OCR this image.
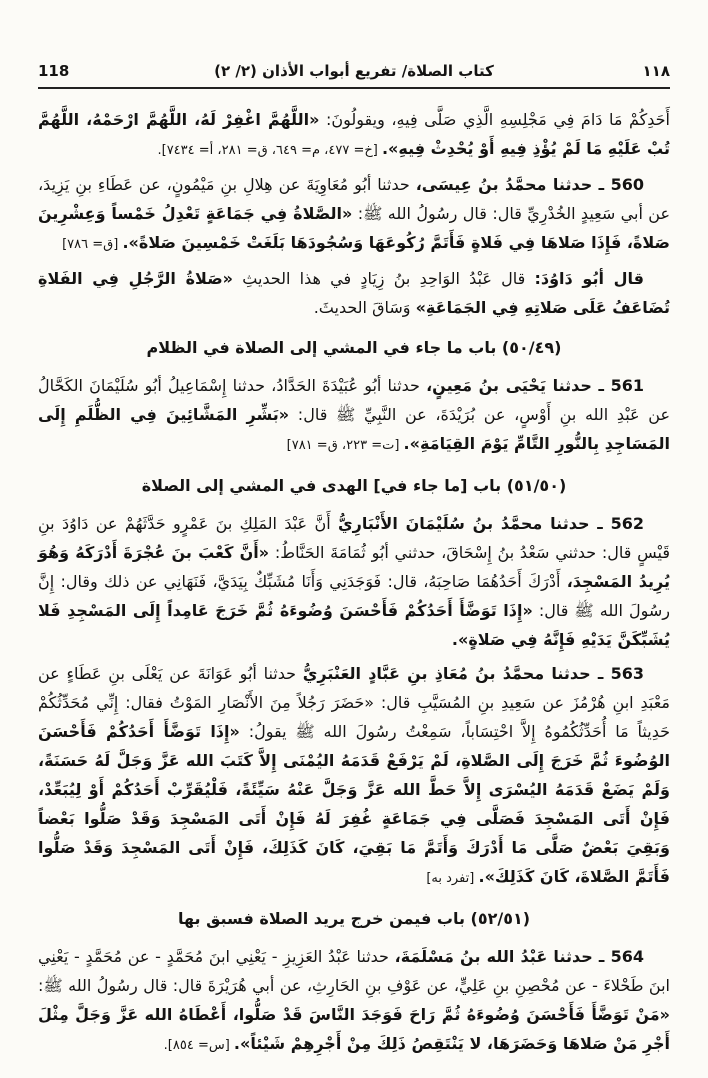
١١٨
كتاب الصلاة/ تفريع أبواب الأذان (٢/ ٢)
118
أَحَدِكُمْ مَا دَامَ فِي مَجْلِسِهِ الَّذِي صَلَّى فِيهِ، ويقولُونَ: «اللَّهُمَّ اغْفِرْ لَهُ، اللَّهُمَّ ارْحَمْهُ، اللَّهُمَّ تُبْ عَلَيْهِ مَا لَمْ يُؤْذِ فِيهِ أَوْ يُحْدِثْ فِيهِ». [خ= ٤٧٧، م= ٦٤٩، ق= ٢٨١، أ= ٧٤٣٤].
560 ـ حدثنا محمَّدُ بنُ عِيسَى، حدثنا أبُو مُعَاوِيَةَ عن هِلالِ بنِ مَيْمُونٍ، عن عَطَاءِ بنِ يَزِيدَ، عن أبي سَعِيدٍ الخُدْرِيِّ قال: قال رسُولُ الله ﷺ: «الصَّلاةُ فِي جَمَاعَةٍ تَعْدِلُ خَمْساً وَعِشْرِينَ صَلاةً، فَإِذَا صَلاهَا فِي فَلاةٍ فَأَتَمَّ رُكُوعَهَا وَسُجُودَهَا بَلَغَتْ خَمْسِينَ صَلاةً». [ق= ٧٨٦]
قال أبُو دَاوُدَ: قال عَبْدُ الوَاحِدِ بنُ زِيَادٍ في هذا الحديثِ «صَلاةُ الرَّجُلِ فِي الفَلاةِ تُضَاعَفُ عَلَى صَلاتِهِ فِي الجَمَاعَةِ» وَسَاقَ الحديثَ.
(٥٠/٤٩) باب ما جاء في المشي إلى الصلاة في الظلام
561 ـ حدثنا يَحْيَى بنُ مَعِينٍ، حدثنا أبُو عُبَيْدَةَ الحَدَّادُ، حدثنا إِسْمَاعِيلُ أبُو سُلَيْمَانَ الكَحَّالُ عن عَبْدِ الله بنِ أَوْسٍ، عن بُرَيْدَةَ، عن النَّبِيِّ ﷺ قال: «بَشِّرِ المَشَّائِينَ فِي الظُّلَمِ إِلَى المَسَاجِدِ بِالنُّورِ التَّامِّ يَوْمَ القِيَامَةِ». [ت= ٢٢٣، ق= ٧٨١]
(٥١/٥٠) باب [ما جاء في] الهدى في المشي إلى الصلاة
562 ـ حدثنا محمَّدُ بنُ سُلَيْمَانَ الأَنْبَارِيُّ أَنَّ عَبْدَ المَلِكِ بنَ عَمْرٍو حَدَّثَهُمْ عن دَاوُدَ بنِ قَيْسٍ قال: حدثني سَعْدُ بنُ إِسْحَاقَ، حدثني أبُو ثُمَامَةَ الحَنَّاطُ: «أَنَّ كَعْبَ بنَ عُجْرَةَ أَدْرَكَهُ وَهُوَ يُرِيدُ المَسْجِدَ، أَدْرَكَ أَحَدُهُمَا صَاحِبَهُ، قال: فَوَجَدَنِي وَأَنَا مُشَبِّكٌ بِيَدَيَّ، فَنَهَانِي عن ذلك وقال: إِنَّ رسُولَ الله ﷺ قال: «إِذَا تَوَضَّأَ أَحَدُكُمْ فَأَحْسَنَ وُضُوءَهُ ثُمَّ خَرَجَ عَامِداً إِلَى المَسْجِدِ فَلا يُشَبِّكَنَّ يَدَيْهِ فَإِنَّهُ فِي صَلاةٍ».
563 ـ حدثنا محمَّدُ بنُ مُعَاذِ بنِ عَبَّادٍ العَنْبَرِيُّ حدثنا أبُو عَوَانَةَ عن يَعْلَى بنِ عَطَاءٍ عن مَعْبَدِ ابنِ هُرْمُزَ عن سَعِيدِ بنِ المُسَيَّبِ قال: «حَضَرَ رَجُلاً مِنَ الأَنْصَارِ المَوْتُ فقال: إِنِّي مُحَدِّثُكُمْ حَدِيثاً مَا أُحَدِّثُكُمُوهُ إِلاَّ احْتِسَاباً، سَمِعْتُ رسُولَ الله ﷺ يقولُ: «إِذَا تَوَضَّأَ أَحَدُكُمْ فَأَحْسَنَ الوُضُوءَ ثُمَّ خَرَجَ إِلَى الصَّلاةِ، لَمْ يَرْفَعْ قَدَمَهُ اليُمْنَى إِلاَّ كَتَبَ الله عَزَّ وَجَلَّ لَهُ حَسَنَةً، وَلَمْ يَضَعْ قَدَمَهُ اليُسْرَى إِلاَّ حَطَّ الله عَزَّ وَجَلَّ عَنْهُ سَيِّئَةً، فَلْيُقَرِّبْ أَحَدُكُمْ أَوْ لِيُبَعِّدْ، فَإِنْ أَتَى المَسْجِدَ فَصَلَّى فِي جَمَاعَةٍ غُفِرَ لَهُ فَإِنْ أَتَى المَسْجِدَ وَقَدْ صَلُّوا بَعْضاً وَبَقِيَ بَعْضٌ صَلَّى مَا أَدْرَكَ وَأَتَمَّ مَا بَقِيَ، كَانَ كَذَلِكَ، فَإِنْ أَتَى المَسْجِدَ وَقَدْ صَلُّوا فَأَتَمَّ الصَّلاةَ، كَانَ كَذَلِكَ». [تفرد به]
(٥٢/٥١) باب فيمن خرج يريد الصلاة فسبق بها
564 ـ حدثنا عَبْدُ الله بنُ مَسْلَمَةَ، حدثنا عَبْدُ العَزِيزِ - يَعْنِي ابنَ مُحَمَّدٍ - عن مُحَمَّدٍ - يَعْنِي ابنَ طَحْلاءَ - عن مُحْصِنِ بنِ عَلِيٍّ، عن عَوْفِ بنِ الحَارِثِ، عن أبي هُرَيْرَةَ قال: قال رسُولُ الله ﷺ: «مَنْ تَوَضَّأَ فَأَحْسَنَ وُضُوءَهُ ثُمَّ رَاحَ فَوَجَدَ النَّاسَ قَدْ صَلُّوا، أَعْطَاهُ الله عَزَّ وَجَلَّ مِثْلَ أَجْرِ مَنْ صَلاهَا وَحَضَرَهَا، لا يَنْتَقِصُ ذَلِكَ مِنْ أَجْرِهِمْ شَيْئاً». [س= ٨٥٤].
